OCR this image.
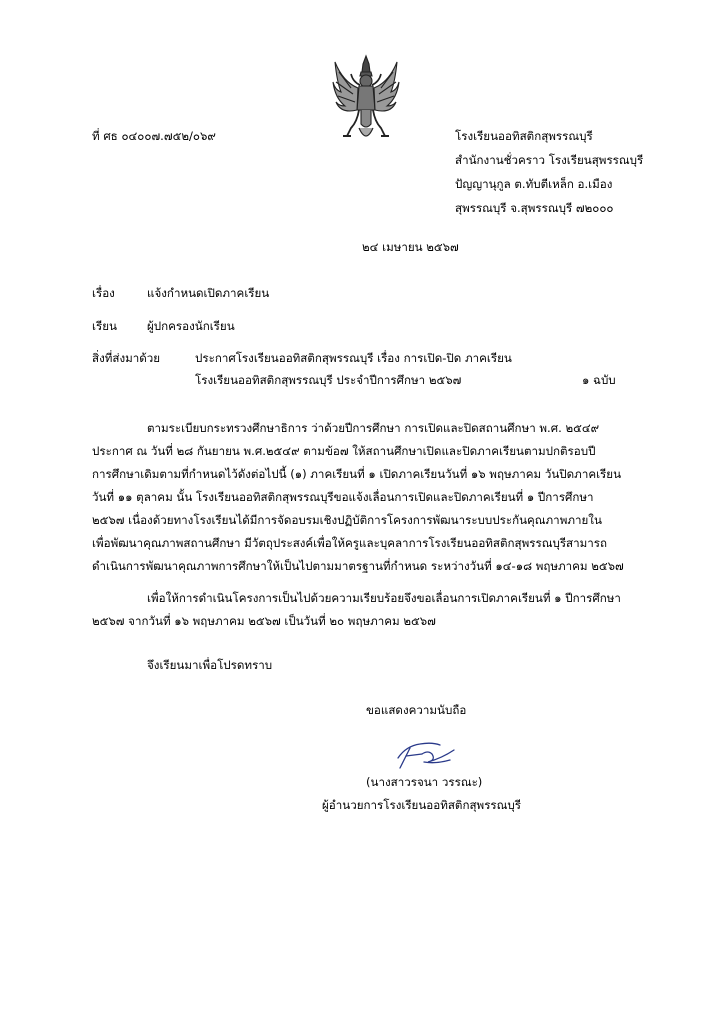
ที่ ศธ ๐๔๐๐๗.๗๕๒/๐๖๙	โรงเรียนออทิสติกสุพรรณบุรี
สำนักงานชั่วคราว โรงเรียนสุพรรณบุรี
ปัญญานุกูล ต.ทับตีเหล็ก อ.เมือง
สุพรรณบุรี จ.สุพรรณบุรี ๗๒๐๐๐
๒๔ เมษายน ๒๕๖๗
เรื่อง	แจ้งกำหนดเปิดภาคเรียน
เรียน	ผู้ปกครองนักเรียน
สิ่งที่ส่งมาด้วย	ประกาศโรงเรียนออทิสติกสุพรรณบุรี เรื่อง การเปิด-ปิด ภาคเรียน
โรงเรียนออทิสติกสุพรรณบุรี ประจำปีการศึกษา ๒๕๖๗	๑ ฉบับ
ตามระเบียบกระทรวงศึกษาธิการ ว่าด้วยปีการศึกษา การเปิดและปิดสถานศึกษา พ.ศ. ๒๕๔๙
ประกาศ ณ วันที่ ๒๘ กันยายน พ.ศ.๒๕๔๙ ตามข้อ๗ ให้สถานศึกษาเปิดและปิดภาคเรียนตามปกติรอบปี
การศึกษาเดิมตามที่กำหนดไว้ดังต่อไปนี้ (๑) ภาคเรียนที่ ๑ เปิดภาคเรียนวันที่ ๑๖ พฤษภาคม วันปิดภาคเรียน
วันที่ ๑๑ ตุลาคม นั้น โรงเรียนออทิสติกสุพรรณบุรีขอแจ้งเลื่อนการเปิดและปิดภาคเรียนที่ ๑ ปีการศึกษา
๒๕๖๗ เนื่องด้วยทางโรงเรียนได้มีการจัดอบรมเชิงปฏิบัติการโครงการพัฒนาระบบประกันคุณภาพภายใน
เพื่อพัฒนาคุณภาพสถานศึกษา มีวัตถุประสงค์เพื่อให้ครูและบุคลาการโรงเรียนออทิสติกสุพรรณบุรีสามารถ
ดำเนินการพัฒนาคุณภาพการศึกษาให้เป็นไปตามมาตรฐานที่กำหนด ระหว่างวันที่ ๑๔-๑๘ พฤษภาคม ๒๕๖๗
เพื่อให้การดำเนินโครงการเป็นไปด้วยความเรียบร้อยจึงขอเลื่อนการเปิดภาคเรียนที่ ๑ ปีการศึกษา
๒๕๖๗ จากวันที่ ๑๖ พฤษภาคม ๒๕๖๗ เป็นวันที่ ๒๐ พฤษภาคม ๒๕๖๗
จึงเรียนมาเพื่อโปรดทราบ
ขอแสดงความนับถือ
(นางสาวรจนา วรรณะ)
ผู้อำนวยการโรงเรียนออทิสติกสุพรรณบุรี
